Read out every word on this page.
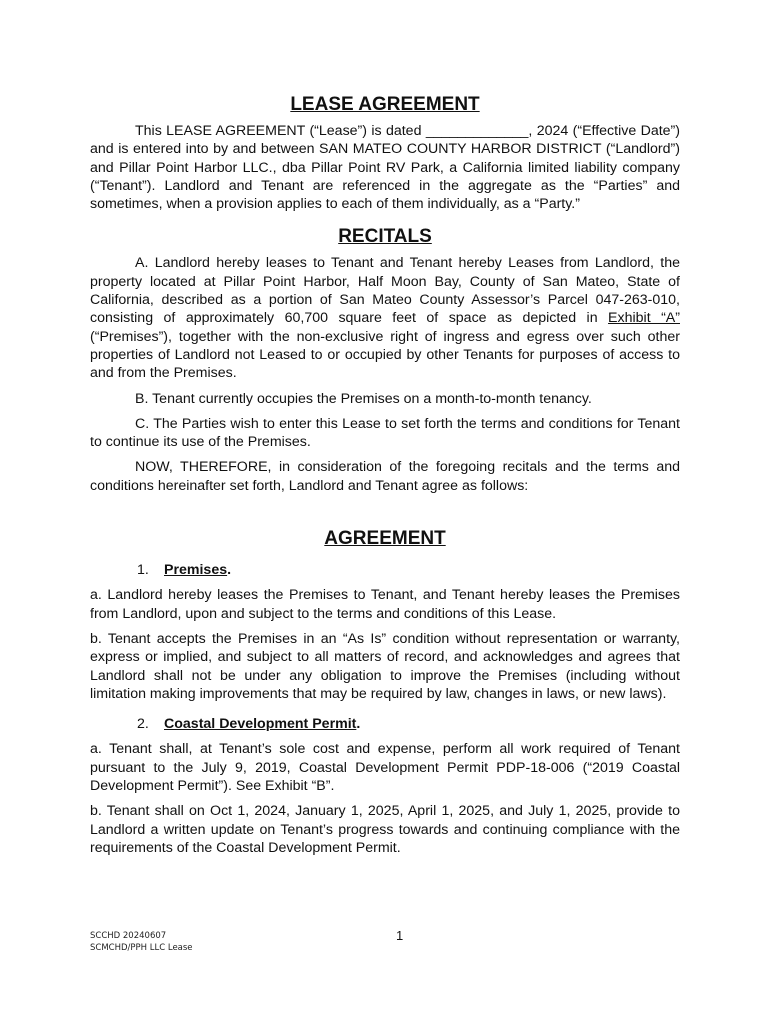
LEASE AGREEMENT

This LEASE AGREEMENT (“Lease”) is dated _____________, 2024 (“Effective Date”) and is entered into by and between SAN MATEO COUNTY HARBOR DISTRICT (“Landlord”) and Pillar Point Harbor LLC., dba Pillar Point RV Park, a California limited liability company (“Tenant”). Landlord and Tenant are referenced in the aggregate as the “Parties” and sometimes, when a provision applies to each of them individually, as a “Party.”

RECITALS

A. Landlord hereby leases to Tenant and Tenant hereby Leases from Landlord, the property located at Pillar Point Harbor, Half Moon Bay, County of San Mateo, State of California, described as a portion of San Mateo County Assessor’s Parcel 047-263-010, consisting of approximately 60,700 square feet of space as depicted in Exhibit “A” (“Premises”), together with the non-exclusive right of ingress and egress over such other properties of Landlord not Leased to or occupied by other Tenants for purposes of access to and from the Premises.

B. Tenant currently occupies the Premises on a month-to-month tenancy.

C. The Parties wish to enter this Lease to set forth the terms and conditions for Tenant to continue its use of the Premises.

NOW, THEREFORE, in consideration of the foregoing recitals and the terms and conditions hereinafter set forth, Landlord and Tenant agree as follows:

AGREEMENT
1.	Premises.

a. Landlord hereby leases the Premises to Tenant, and Tenant hereby leases the Premises from Landlord, upon and subject to the terms and conditions of this Lease.

b. Tenant accepts the Premises in an “As Is” condition without representation or warranty, express or implied, and subject to all matters of record, and acknowledges and agrees that Landlord shall not be under any obligation to improve the Premises (including without limitation making improvements that may be required by law, changes in laws, or new laws).

2.	Coastal Development Permit.

a. Tenant shall, at Tenant’s sole cost and expense, perform all work required of Tenant pursuant to the July 9, 2019, Coastal Development Permit PDP-18-006 (“2019 Coastal Development Permit”). See Exhibit “B”.

b. Tenant shall on Oct 1, 2024, January 1, 2025, April 1, 2025, and July 1, 2025, provide to Landlord a written update on Tenant’s progress towards and continuing compliance with the requirements of the Coastal Development Permit.

SCCHD 20240607
SCMCHD/PPH LLC Lease
1
